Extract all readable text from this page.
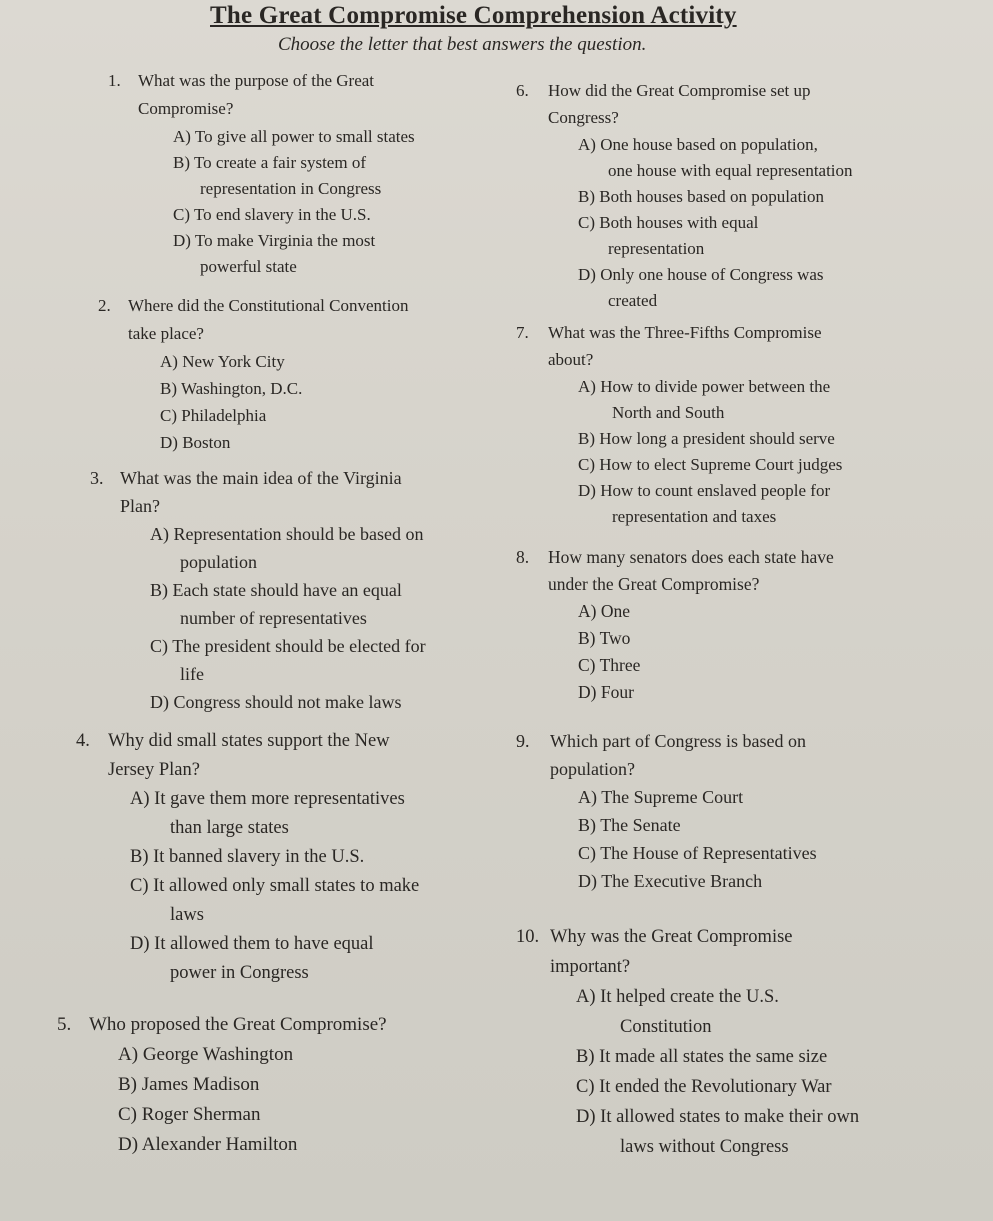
The Great Compromise Comprehension Activity
Choose the letter that best answers the question.
1. What was the purpose of the Great
Compromise?
A) To give all power to small states
B) To create a fair system of
representation in Congress
C) To end slavery in the U.S.
D) To make Virginia the most
powerful state
2. Where did the Constitutional Convention
take place?
A) New York City
B) Washington, D.C.
C) Philadelphia
D) Boston
3. What was the main idea of the Virginia
Plan?
A) Representation should be based on
population
B) Each state should have an equal
number of representatives
C) The president should be elected for
life
D) Congress should not make laws
4. Why did small states support the New
Jersey Plan?
A) It gave them more representatives
than large states
B) It banned slavery in the U.S.
C) It allowed only small states to make
laws
D) It allowed them to have equal
power in Congress
5. Who proposed the Great Compromise?
A) George Washington
B) James Madison
C) Roger Sherman
D) Alexander Hamilton
6. How did the Great Compromise set up
Congress?
A) One house based on population,
one house with equal representation
B) Both houses based on population
C) Both houses with equal
representation
D) Only one house of Congress was
created
7. What was the Three-Fifths Compromise
about?
A) How to divide power between the
North and South
B) How long a president should serve
C) How to elect Supreme Court judges
D) How to count enslaved people for
representation and taxes
8. How many senators does each state have
under the Great Compromise?
A) One
B) Two
C) Three
D) Four
9. Which part of Congress is based on
population?
A) The Supreme Court
B) The Senate
C) The House of Representatives
D) The Executive Branch
10. Why was the Great Compromise
important?
A) It helped create the U.S.
Constitution
B) It made all states the same size
C) It ended the Revolutionary War
D) It allowed states to make their own
laws without Congress
